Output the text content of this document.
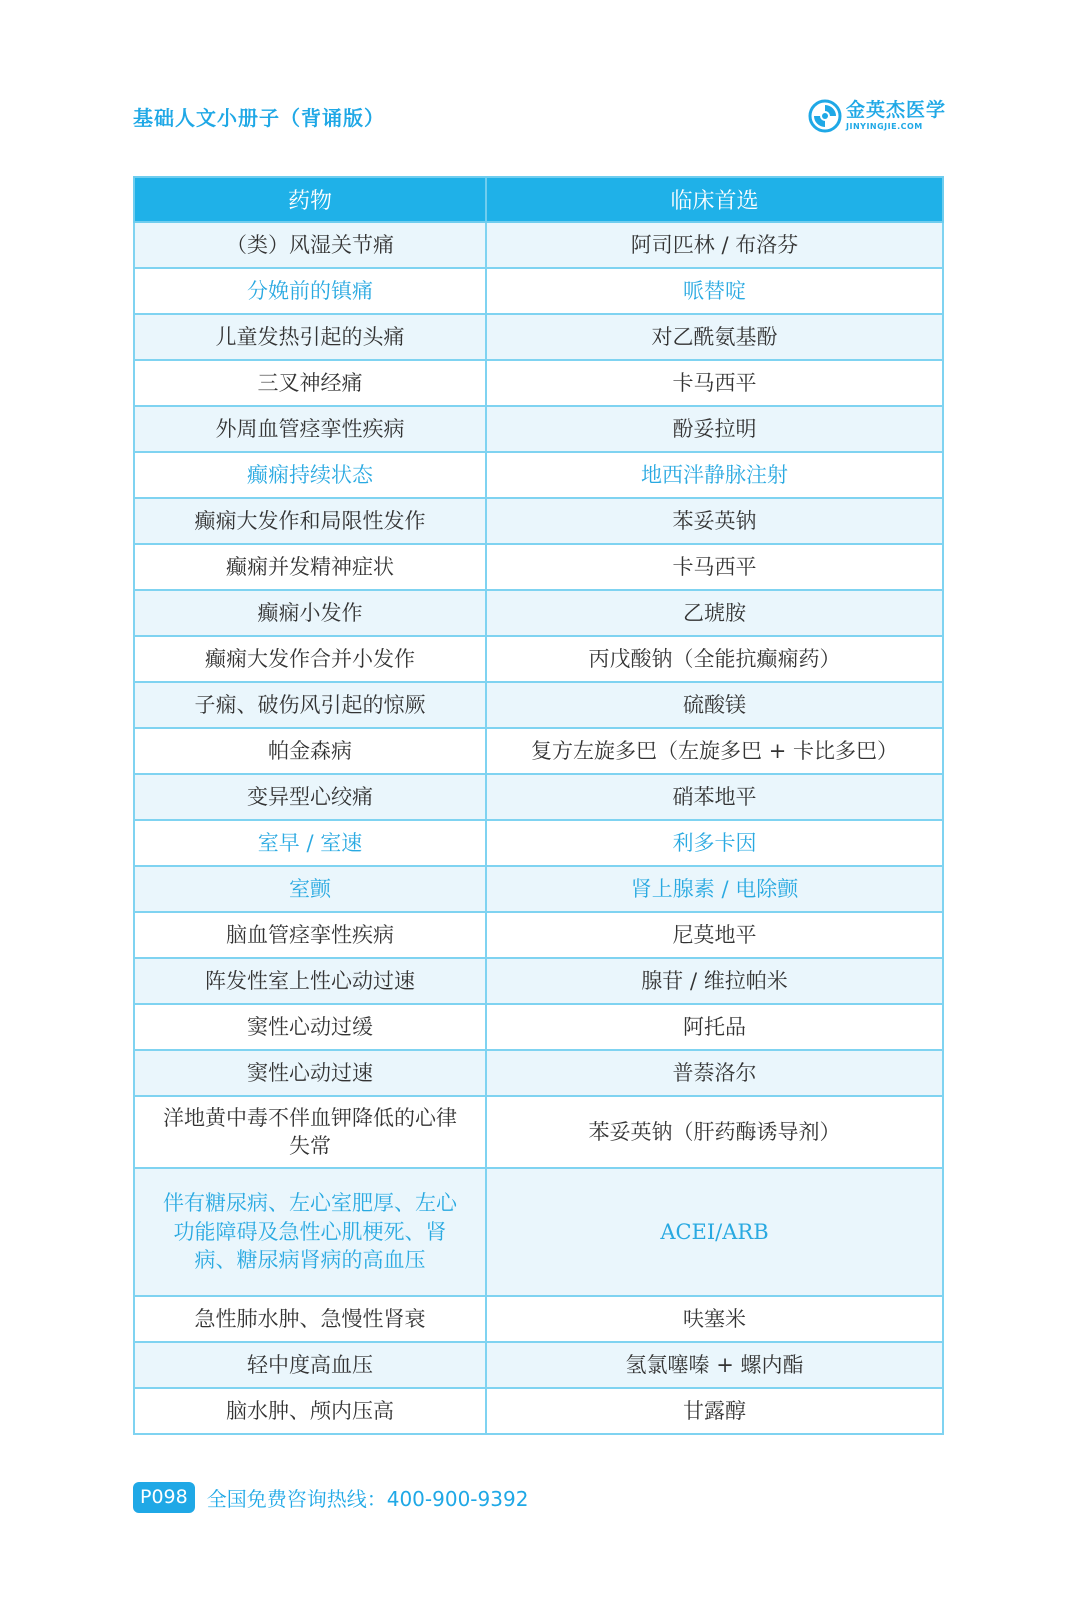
基础人文小册子（背诵版）	金英杰医学
JINYINGJIE.COM
药物	临床首选
（类）风湿关节痛	阿司匹林 / 布洛芬
分娩前的镇痛	哌替啶
儿童发热引起的头痛	对乙酰氨基酚
三叉神经痛	卡马西平
外周血管痉挛性疾病	酚妥拉明
癫痫持续状态	地西泮静脉注射
癫痫大发作和局限性发作	苯妥英钠
癫痫并发精神症状	卡马西平
癫痫小发作	乙琥胺
癫痫大发作合并小发作	丙戊酸钠（全能抗癫痫药）
子痫、破伤风引起的惊厥	硫酸镁
帕金森病	复方左旋多巴（左旋多巴 + 卡比多巴）
变异型心绞痛	硝苯地平
室早 / 室速	利多卡因
室颤	肾上腺素 / 电除颤
脑血管痉挛性疾病	尼莫地平
阵发性室上性心动过速	腺苷 / 维拉帕米
窦性心动过缓	阿托品
窦性心动过速	普萘洛尔
洋地黄中毒不伴血钾降低的心律失常	苯妥英钠（肝药酶诱导剂）
伴有糖尿病、左心室肥厚、左心功能障碍及急性心肌梗死、肾病、糖尿病肾病的高血压	ACEI/ARB
急性肺水肿、急慢性肾衰	呋塞米
轻中度高血压	氢氯噻嗪 + 螺内酯
脑水肿、颅内压高	甘露醇
P098 全国免费咨询热线：400-900-9392
